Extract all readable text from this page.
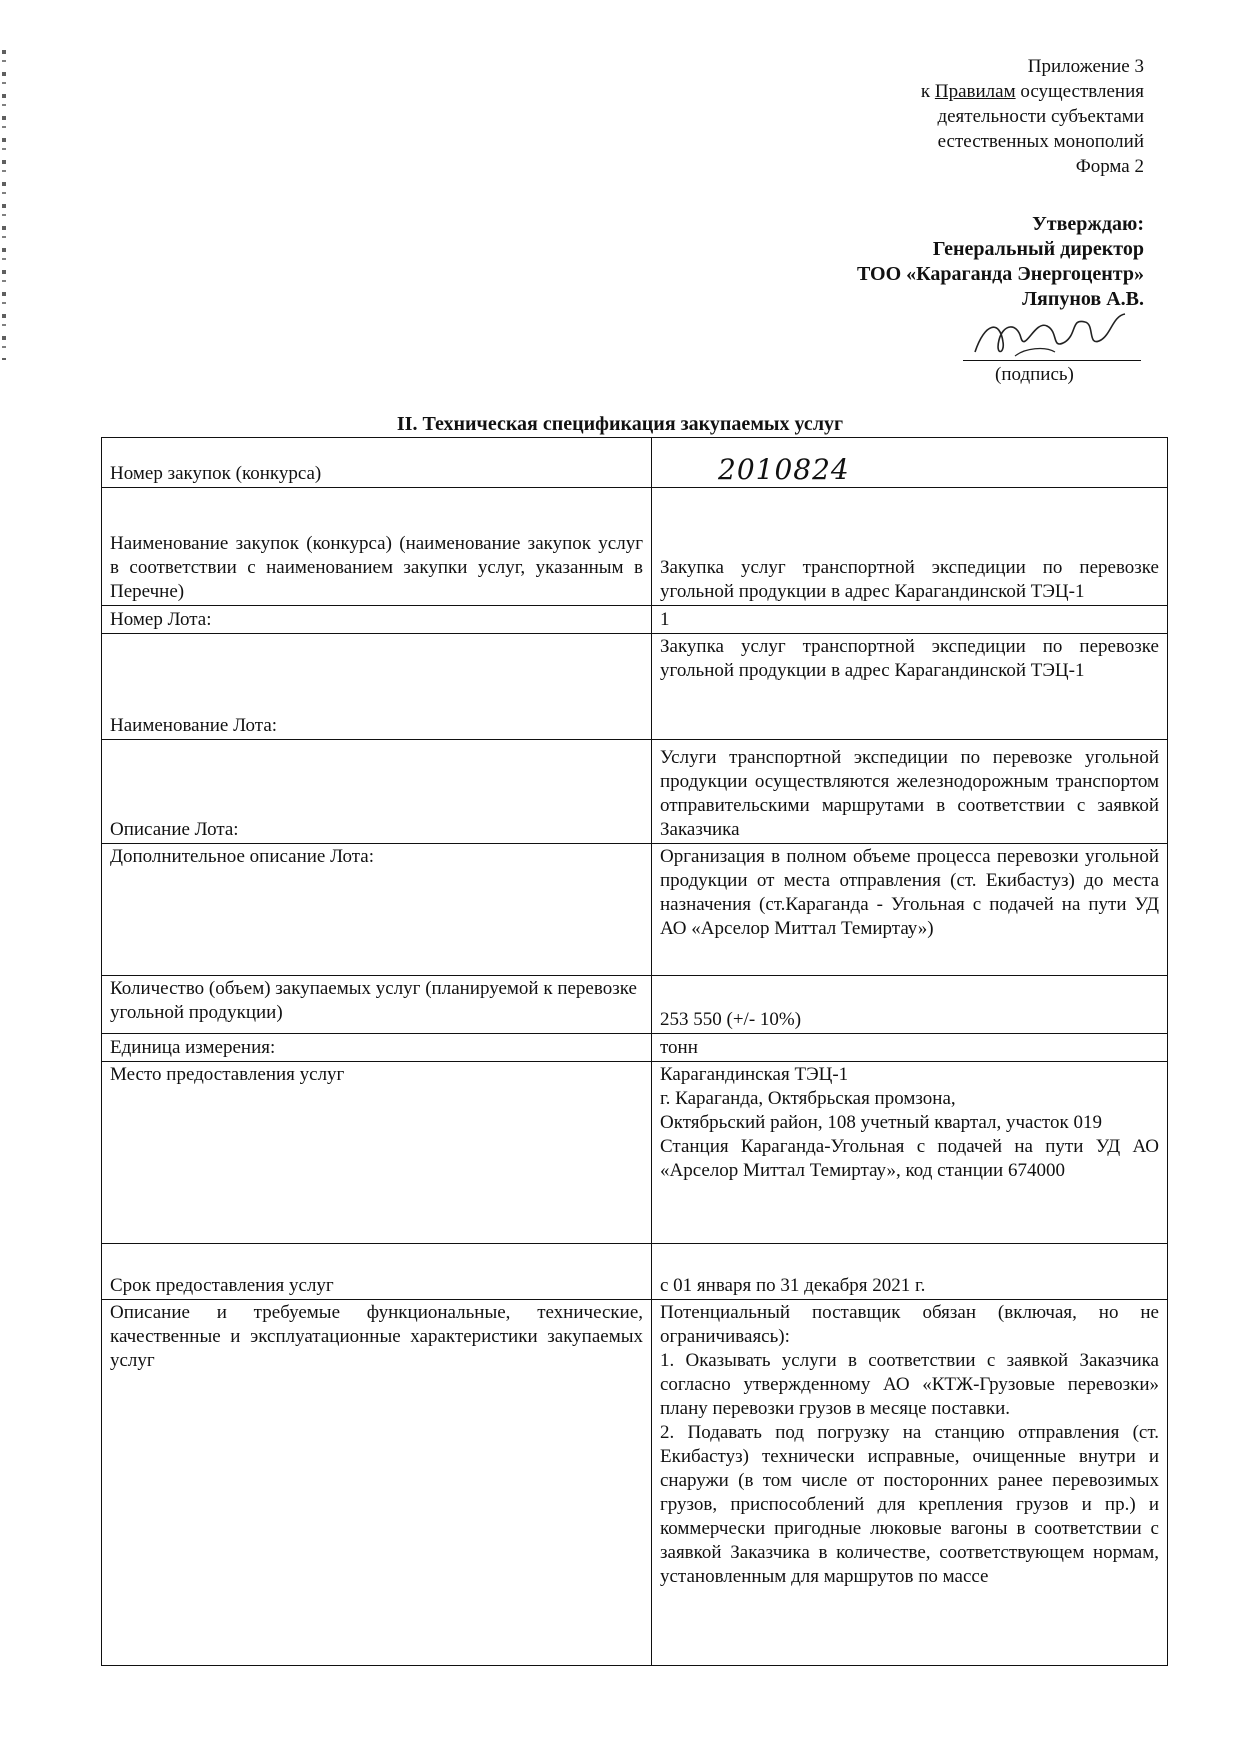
Приложение 3
к Правилам осуществления
деятельности субъектами
естественных монополий
Форма 2
Утверждаю:
Генеральный директор
ТОО «Караганда Энергоцентр»
Ляпунов А.В.
(подпись)
II. Техническая спецификация закупаемых услуг
Номер закупок (конкурса)	2010824
Наименование закупок (конкурса) (наименование закупок услуг в соответствии с наименованием закупки услуг, указанным в Перечне)	Закупка услуг транспортной экспедиции по перевозке угольной продукции в адрес Карагандинской ТЭЦ-1
Номер Лота:	1
Наименование Лота:	Закупка услуг транспортной экспедиции по перевозке угольной продукции в адрес Карагандинской ТЭЦ-1
Описание Лота:	Услуги транспортной экспедиции по перевозке угольной продукции осуществляются железнодорожным транспортом отправительскими маршрутами в соответствии с заявкой Заказчика
Дополнительное описание Лота:	Организация в полном объеме процесса перевозки угольной продукции от места отправления (ст. Екибастуз) до места назначения (ст.Караганда - Угольная с подачей на пути УД АО «Арселор Миттал Темиртау»)
Количество (объем) закупаемых услуг (планируемой к перевозке угольной продукции)	253 550 (+/- 10%)
Единица измерения:	тонн
Место предоставления услуг	Карагандинская ТЭЦ-1
г. Караганда, Октябрьская промзона,
Октябрьский район, 108 учетный квартал, участок 019
Станция Караганда-Угольная с подачей на пути УД АО «Арселор Миттал Темиртау», код станции 674000

Срок предоставления услуг	с 01 января по 31 декабря 2021 г.
Описание и требуемые функциональные, технические, качественные и эксплуатационные характеристики закупаемых услуг	Потенциальный поставщик обязан (включая, но не ограничиваясь):
1. Оказывать услуги в соответствии с заявкой Заказчика согласно утвержденному АО «КТЖ-Грузовые перевозки» плану перевозки грузов в месяце поставки.
2. Подавать под погрузку на станцию отправления (ст. Екибастуз) технически исправные, очищенные внутри и снаружи (в том числе от посторонних ранее перевозимых грузов, приспособлений для крепления грузов и пр.) и коммерчески пригодные люковые вагоны в соответствии с заявкой Заказчика в количестве, соответствующем нормам, установленным для маршрутов по массе
